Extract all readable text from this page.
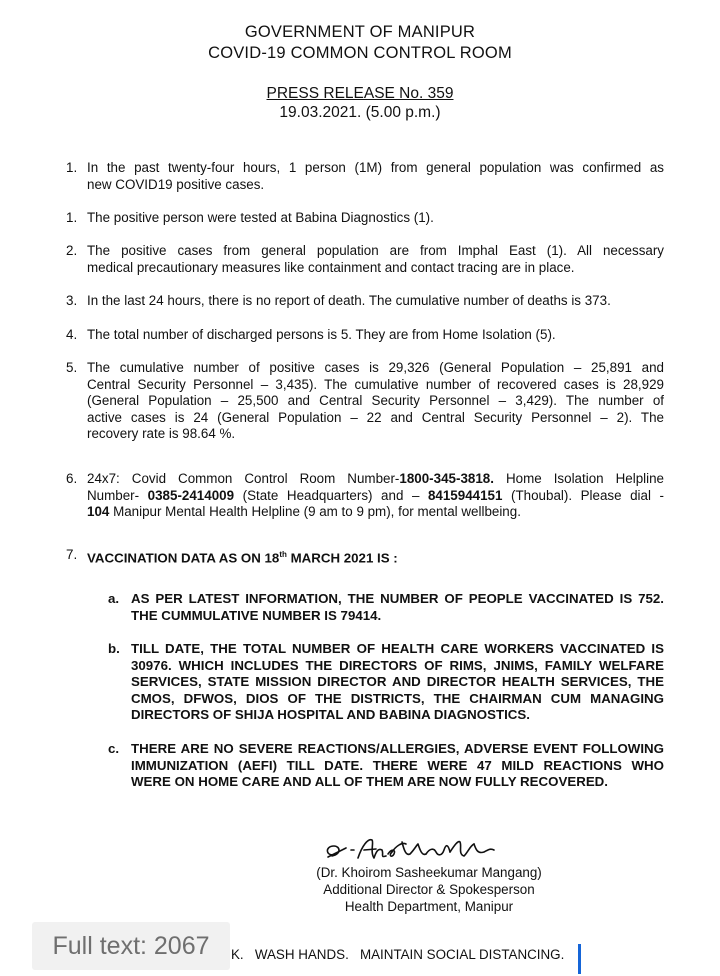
GOVERNMENT OF MANIPUR
COVID-19 COMMON CONTROL ROOM
PRESS RELEASE No. 359
19.03.2021. (5.00 p.m.)
1. In the past twenty-four hours, 1 person (1M) from general population was confirmed as
new COVID19 positive cases.
1. The positive person were tested at Babina Diagnostics (1).
2. The positive cases from general population are from Imphal East (1). All necessary
medical precautionary measures like containment and contact tracing are in place.
3. In the last 24 hours, there is no report of death. The cumulative number of deaths is 373.
4. The total number of discharged persons is 5. They are from Home Isolation (5).
5. The cumulative number of positive cases is 29,326 (General Population – 25,891 and
Central Security Personnel – 3,435). The cumulative number of recovered cases is 28,929
(General Population – 25,500 and Central Security Personnel – 3,429). The number of
active cases is 24 (General Population – 22 and Central Security Personnel – 2). The
recovery rate is 98.64 %.
6. 24x7: Covid Common Control Room Number-1800-345-3818. Home Isolation Helpline
Number- 0385-2414009 (State Headquarters) and – 8415944151 (Thoubal). Please dial -
104 Manipur Mental Health Helpline (9 am to 9 pm), for mental wellbeing.
7. VACCINATION DATA AS ON 18th MARCH 2021 IS :
a. AS PER LATEST INFORMATION, THE NUMBER OF PEOPLE VACCINATED IS 752.
THE CUMMULATIVE NUMBER IS 79414.
b. TILL DATE, THE TOTAL NUMBER OF HEALTH CARE WORKERS VACCINATED IS
30976. WHICH INCLUDES THE DIRECTORS OF RIMS, JNIMS, FAMILY WELFARE
SERVICES, STATE MISSION DIRECTOR AND DIRECTOR HEALTH SERVICES, THE
CMOS, DFWOS, DIOS OF THE DISTRICTS, THE CHAIRMAN CUM MANAGING
DIRECTORS OF SHIJA HOSPITAL AND BABINA DIAGNOSTICS.
c. THERE ARE NO SEVERE REACTIONS/ALLERGIES, ADVERSE EVENT FOLLOWING
IMMUNIZATION (AEFI) TILL DATE. THERE WERE 47 MILD REACTIONS WHO
WERE ON HOME CARE AND ALL OF THEM ARE NOW FULLY RECOVERED.
(Dr. Khoirom Sasheekumar Mangang)
Additional Director & Spokesperson
Health Department, Manipur
K.   WASH HANDS.   MAINTAIN SOCIAL DISTANCING.
Full text: 2067
